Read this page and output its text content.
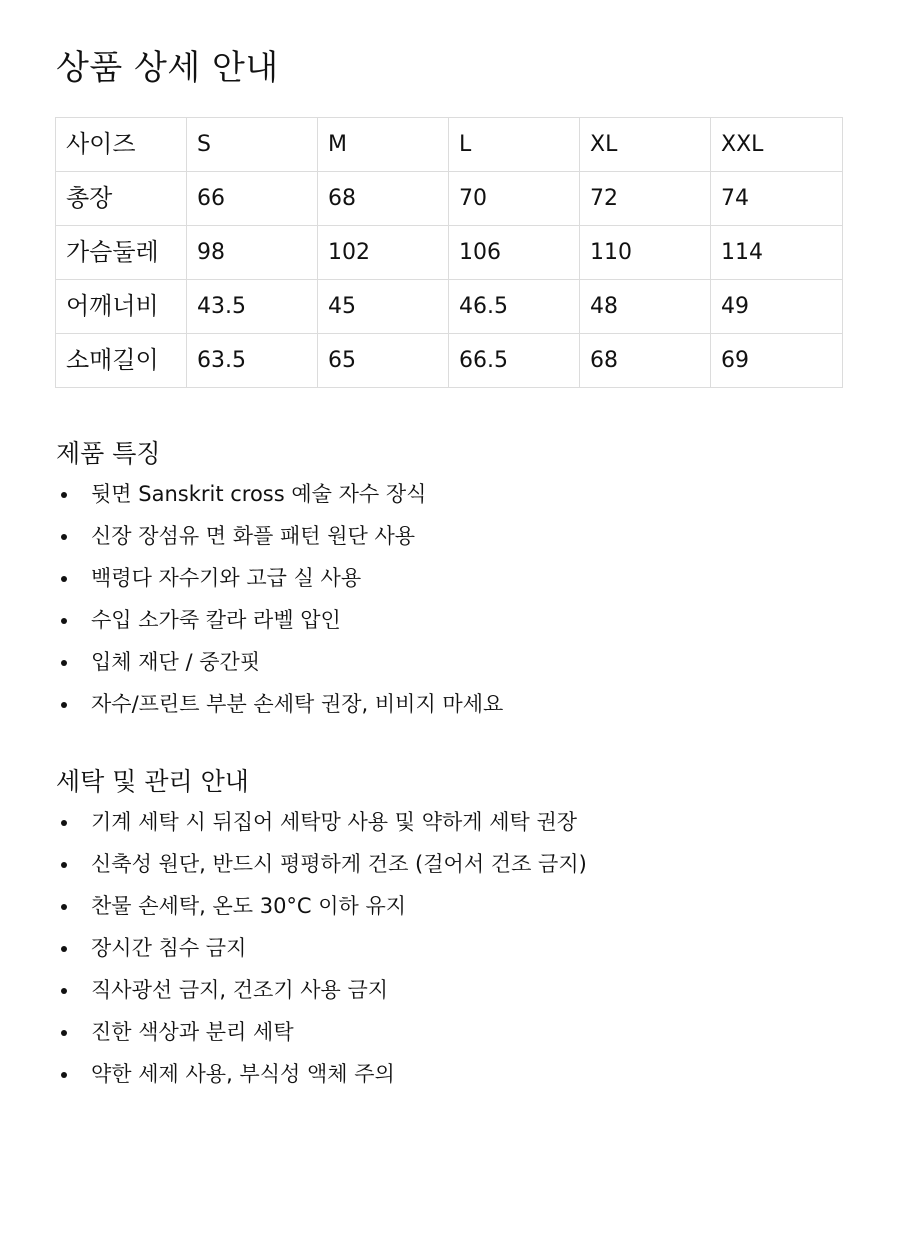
상품 상세 안내
사이즈	S	M	L	XL	XXL
총장	66	68	70	72	74
가슴둘레	98	102	106	110	114
어깨너비	43.5	45	46.5	48	49
소매길이	63.5	65	66.5	68	69
제품 특징
뒷면 Sanskrit cross 예술 자수 장식
신장 장섬유 면 화플 패턴 원단 사용
백령다 자수기와 고급 실 사용
수입 소가죽 칼라 라벨 압인
입체 재단 / 중간핏
자수/프린트 부분 손세탁 권장, 비비지 마세요
세탁 및 관리 안내
기계 세탁 시 뒤집어 세탁망 사용 및 약하게 세탁 권장
신축성 원단, 반드시 평평하게 건조 (걸어서 건조 금지)
찬물 손세탁, 온도 30°C 이하 유지
장시간 침수 금지
직사광선 금지, 건조기 사용 금지
진한 색상과 분리 세탁
약한 세제 사용, 부식성 액체 주의
